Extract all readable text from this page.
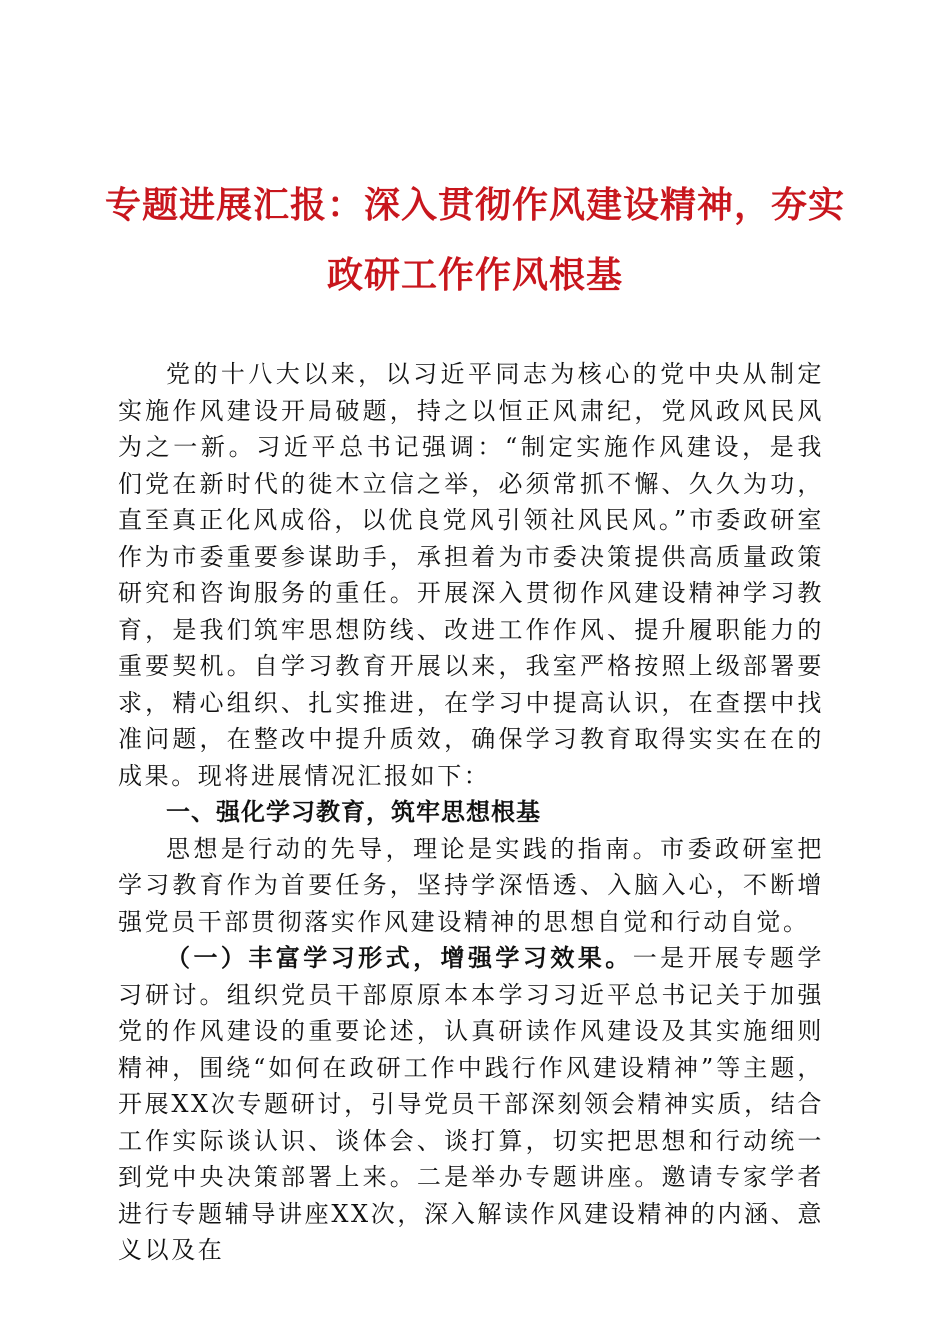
专题进展汇报：深入贯彻作风建设精神，夯实
政研工作作风根基

党的十八大以来，以习近平同志为核心的党中央从制定实施作风建设开局破题，持之以恒正风肃纪，党风政风民风为之一新。习近平总书记强调：“制定实施作风建设，是我们党在新时代的徙木立信之举，必须常抓不懈、久久为功，直至真正化风成俗，以优良党风引领社风民风。”市委政研室作为市委重要参谋助手，承担着为市委决策提供高质量政策研究和咨询服务的重任。开展深入贯彻作风建设精神学习教育，是我们筑牢思想防线、改进工作作风、提升履职能力的重要契机。自学习教育开展以来，我室严格按照上级部署要求，精心组织、扎实推进，在学习中提高认识，在查摆中找准问题，在整改中提升质效，确保学习教育取得实实在在的成果。现将进展情况汇报如下：

一、强化学习教育，筑牢思想根基

思想是行动的先导，理论是实践的指南。市委政研室把学习教育作为首要任务，坚持学深悟透、入脑入心，不断增强党员干部贯彻落实作风建设精神的思想自觉和行动自觉。

（一）丰富学习形式，增强学习效果。一是开展专题学习研讨。组织党员干部原原本本学习习近平总书记关于加强党的作风建设的重要论述，认真研读作风建设及其实施细则精神，围绕“如何在政研工作中践行作风建设精神”等主题，开展XX次专题研讨，引导党员干部深刻领会精神实质，结合工作实际谈认识、谈体会、谈打算，切实把思想和行动统一到党中央决策部署上来。二是举办专题讲座。邀请专家学者进行专题辅导讲座XX次，深入解读作风建设精神的内涵、意义以及在
